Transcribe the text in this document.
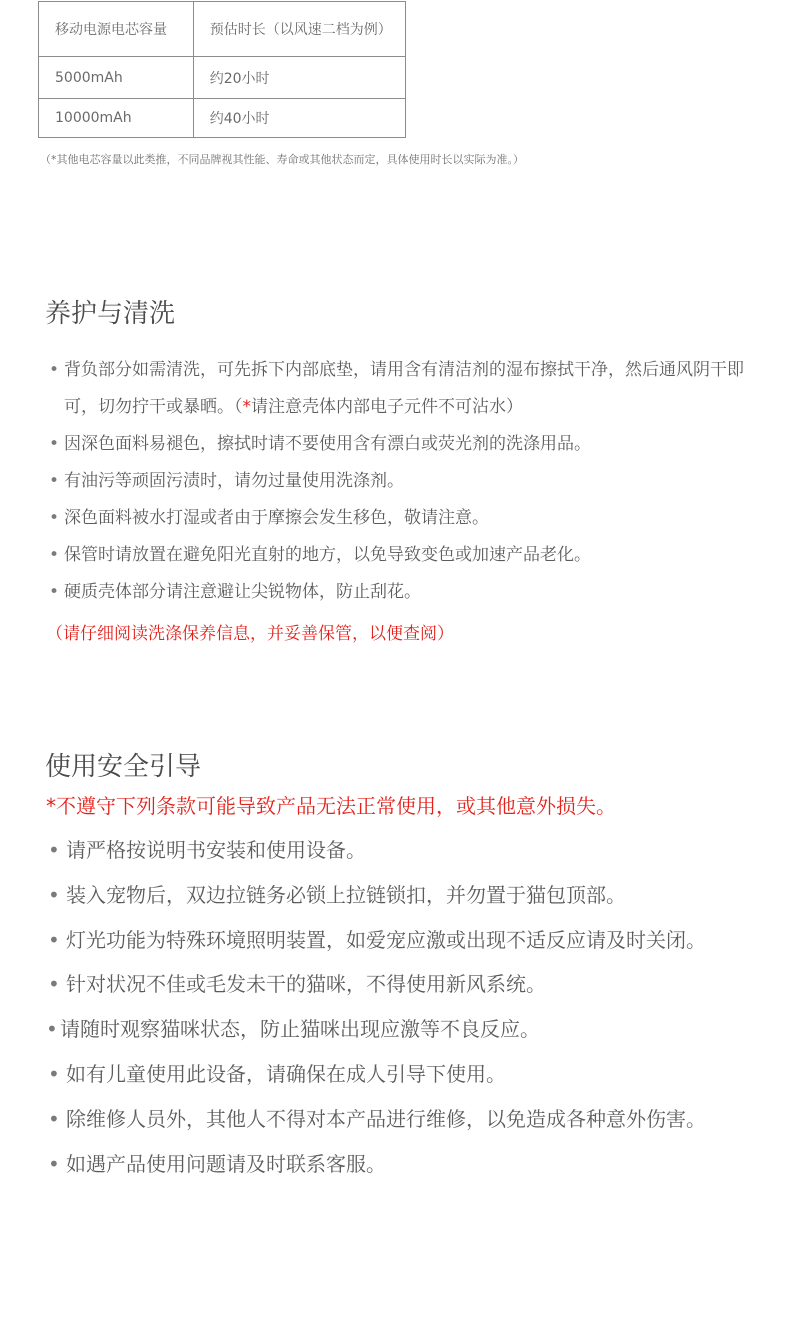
移动电源电芯容量	预估时长（以风速二档为例）
5000mAh	约20小时
10000mAh	约40小时
（*其他电芯容量以此类推，不同品牌视其性能、寿命或其他状态而定，具体使用时长以实际为准。）
养护与清洗
• 背负部分如需清洗，可先拆下内部底垫，请用含有清洁剂的湿布擦拭干净，然后通风阴干即可，切勿拧干或暴晒。（*请注意壳体内部电子元件不可沾水）
• 因深色面料易褪色，擦拭时请不要使用含有漂白或荧光剂的洗涤用品。
• 有油污等顽固污渍时，请勿过量使用洗涤剂。
• 深色面料被水打湿或者由于摩擦会发生移色，敬请注意。
• 保管时请放置在避免阳光直射的地方，以免导致变色或加速产品老化。
• 硬质壳体部分请注意避让尖锐物体，防止刮花。
（请仔细阅读洗涤保养信息，并妥善保管，以便查阅）
使用安全引导
*不遵守下列条款可能导致产品无法正常使用，或其他意外损失。
• 请严格按说明书安装和使用设备。
• 装入宠物后，双边拉链务必锁上拉链锁扣，并勿置于猫包顶部。
• 灯光功能为特殊环境照明装置，如爱宠应激或出现不适反应请及时关闭。
• 针对状况不佳或毛发未干的猫咪，不得使用新风系统。
• 请随时观察猫咪状态，防止猫咪出现应激等不良反应。
• 如有儿童使用此设备，请确保在成人引导下使用。
• 除维修人员外，其他人不得对本产品进行维修，以免造成各种意外伤害。
• 如遇产品使用问题请及时联系客服。
